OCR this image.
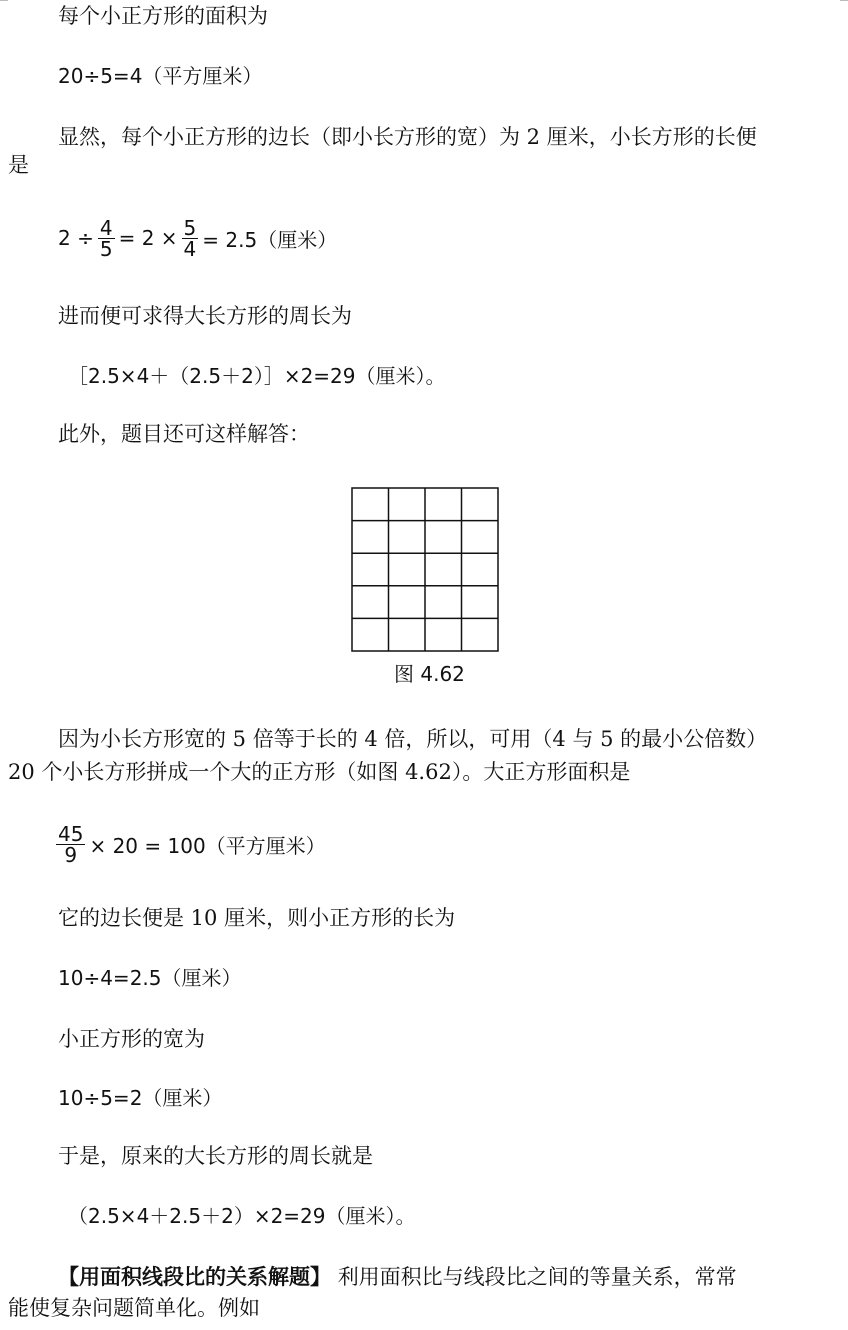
每个小正方形的面积为
20÷5=4（平方厘米）
显然，每个小正方形的边长（即小长方形的宽）为 2 厘米，小长方形的长便
是
$2 \div \frac{4}{5} = 2 \times \frac{5}{4} = 2.5$（厘米）
进而便可求得大长方形的周长为
［2.5×4＋（2.5＋2）］×2=29（厘米）。
此外，题目还可这样解答：
图 4.62
因为小长方形宽的 5 倍等于长的 4 倍，所以，可用（4 与 5 的最小公倍数）
20 个小长方形拼成一个大的正方形（如图 4.62）。大正方形面积是
$\frac{45}{9} \times 20 = 100$（平方厘米）
它的边长便是 10 厘米，则小正方形的长为
10÷4=2.5（厘米）
小正方形的宽为
10÷5=2（厘米）
于是，原来的大长方形的周长就是
（2.5×4＋2.5＋2）×2=29（厘米）。
【用面积线段比的关系解题】 利用面积比与线段比之间的等量关系，常常
能使复杂问题简单化。例如
